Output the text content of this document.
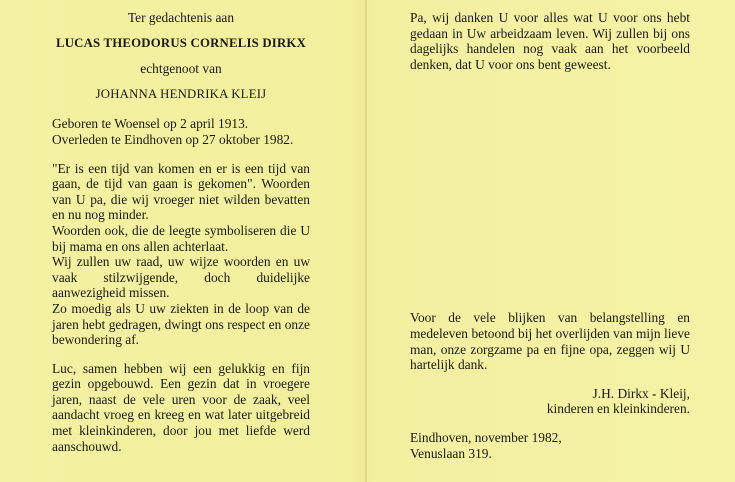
Ter gedachtenis aan
LUCAS THEODORUS CORNELIS DIRKX
echtgenoot van
JOHANNA HENDRIKA KLEIJ
Geboren te Woensel op 2 april 1913.
Overleden te Eindhoven op 27 oktober 1982.

"Er is een tijd van komen en er is een tijd van gaan, de tijd van gaan is gekomen". Woorden van U pa, die wij vroeger niet wilden bevatten en nu nog minder.

Woorden ook, die de leegte symboliseren die U bij mama en ons allen achterlaat.

Wij zullen uw raad, uw wijze woorden en uw vaak stilzwijgende, doch duidelijke aanwezigheid missen.

Zo moedig als U uw ziekten in de loop van de jaren hebt gedragen, dwingt ons respect en onze bewondering af.

Luc, samen hebben wij een gelukkig en fijn gezin opgebouwd. Een gezin dat in vroegere jaren, naast de vele uren voor de zaak, veel aandacht vroeg en kreeg en wat later uitgebreid met kleinkinderen, door jou met liefde werd aanschouwd.

Pa, wij danken U voor alles wat U voor ons hebt gedaan in Uw arbeidzaam leven. Wij zullen bij ons dagelijks handelen nog vaak aan het voorbeeld denken, dat U voor ons bent geweest.

Voor de vele blijken van belangstelling en medeleven betoond bij het overlijden van mijn lieve man, onze zorgzame pa en fijne opa, zeggen wij U hartelijk dank.

J.H. Dirkx - Kleij,
kinderen en kleinkinderen.
Eindhoven, november 1982,
Venuslaan 319.
